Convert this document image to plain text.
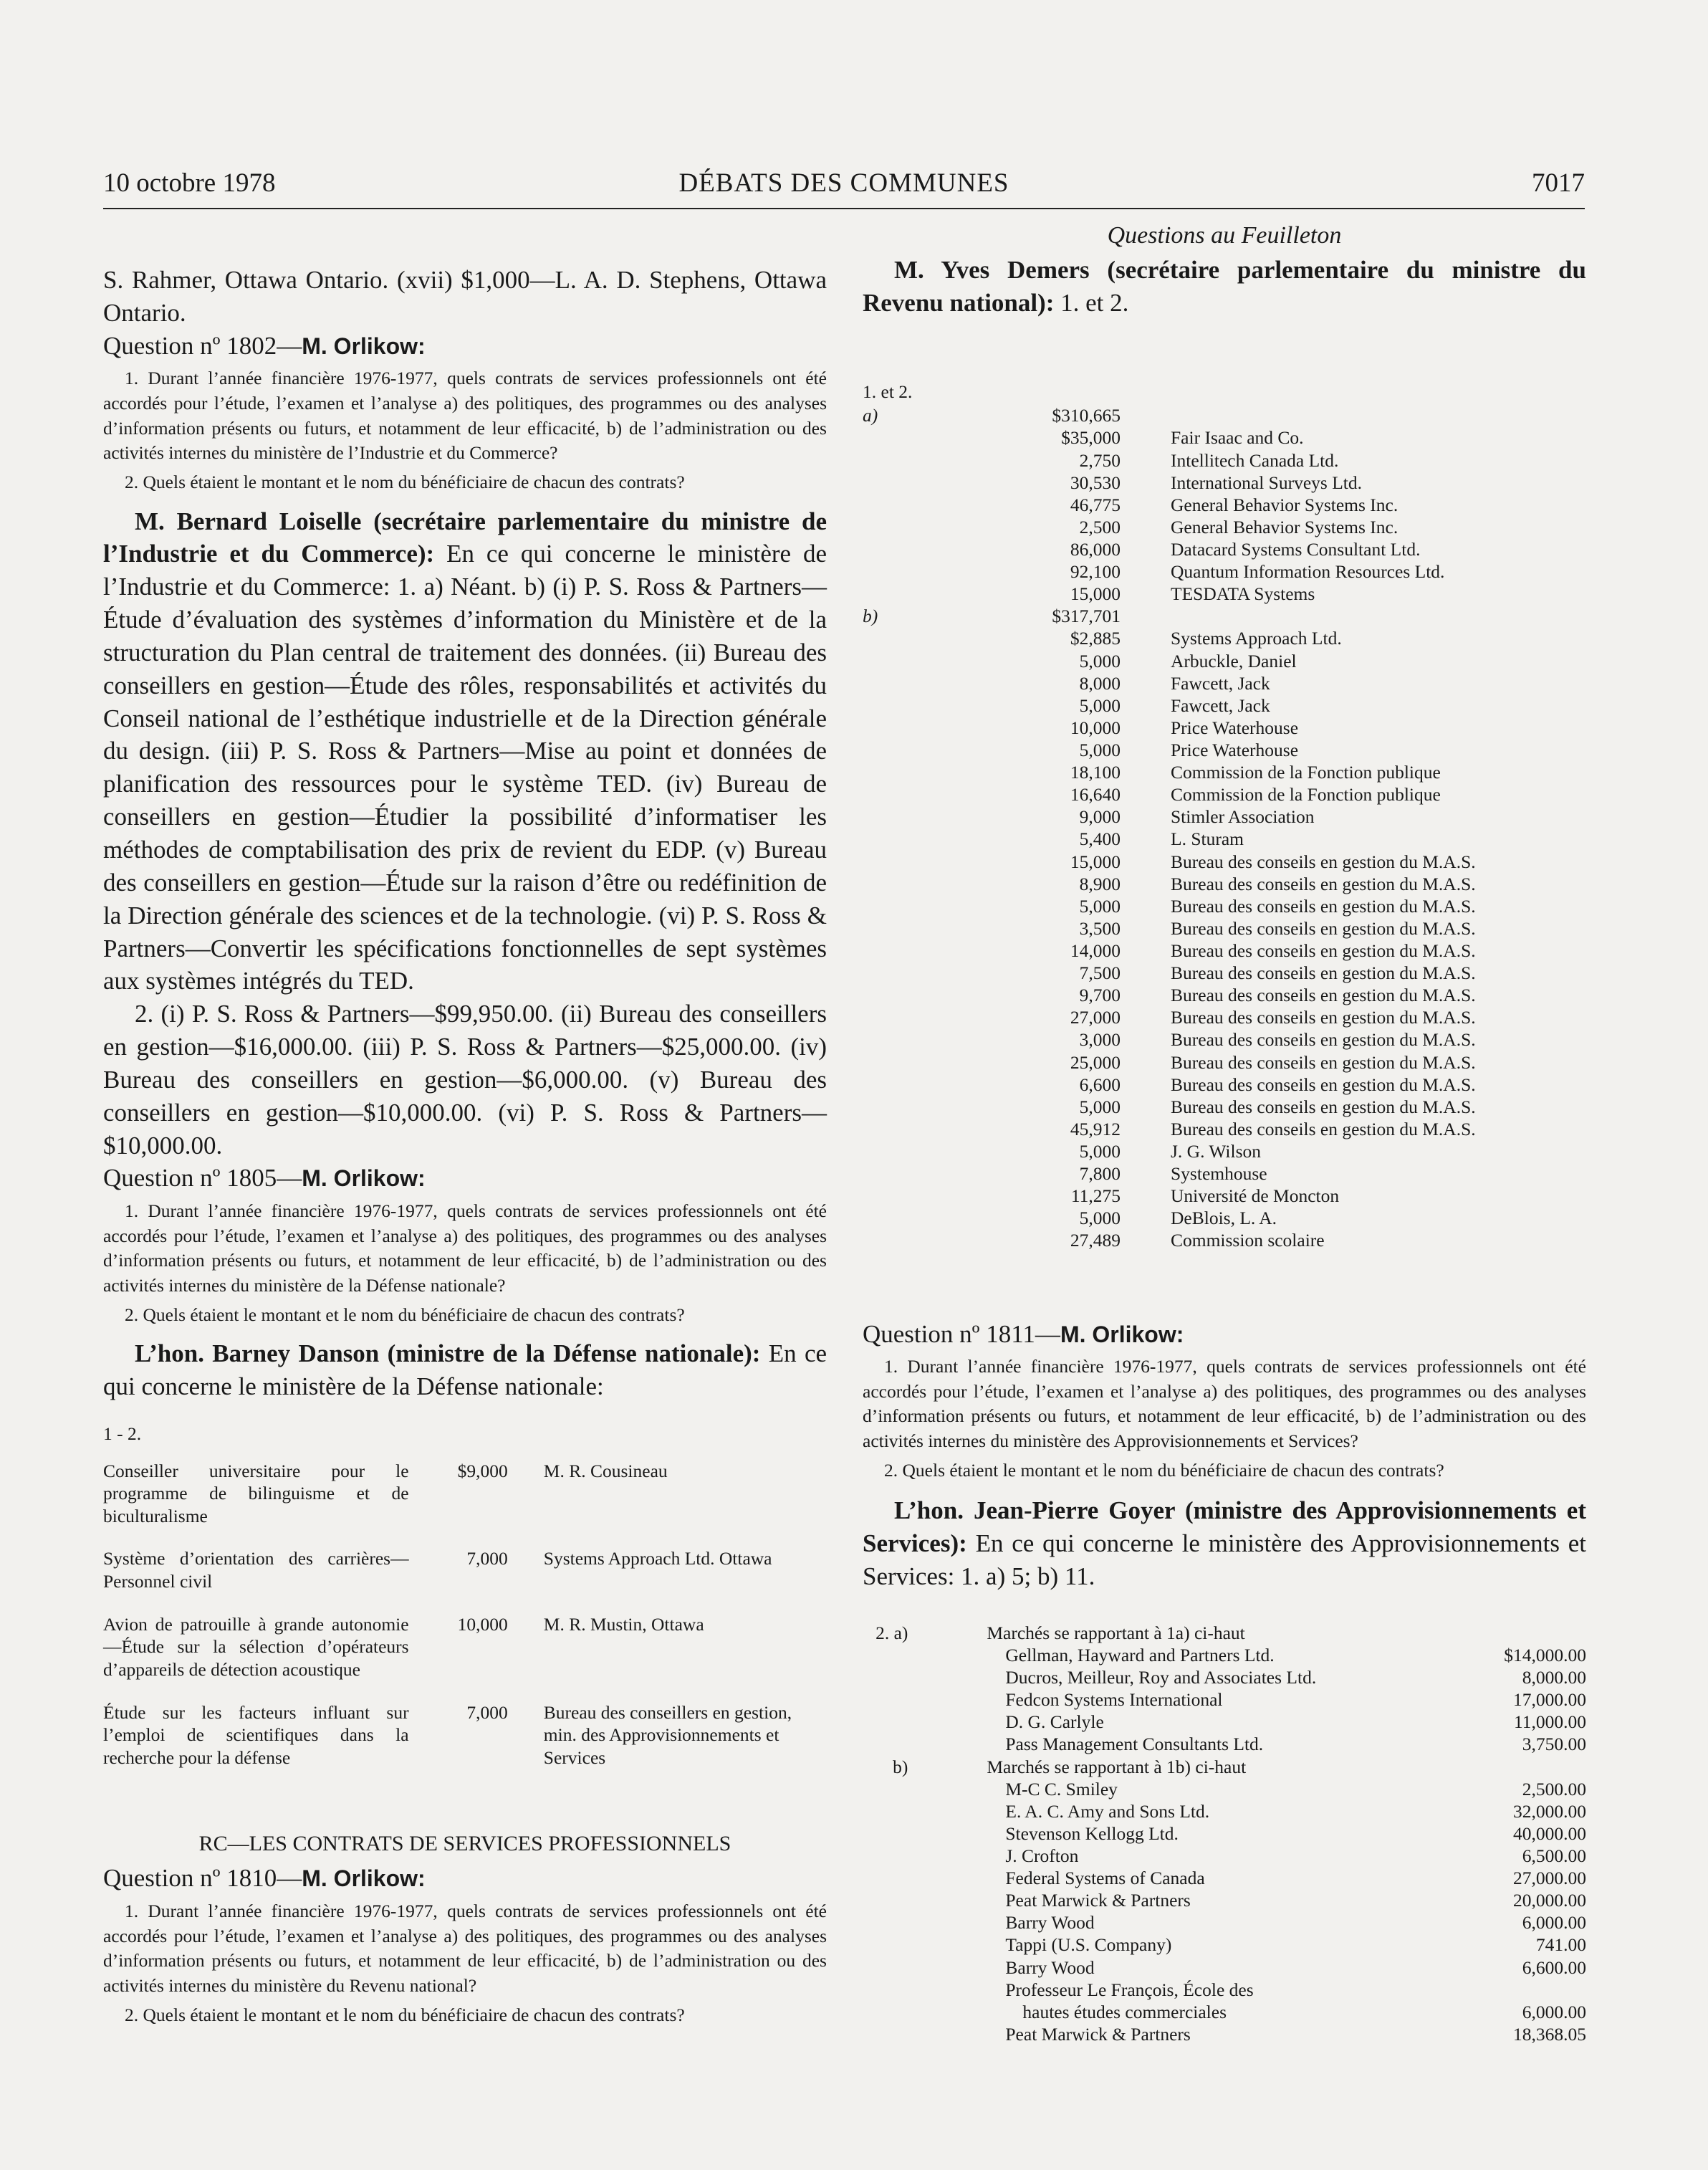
10 octobre 1978	DÉBATS DES COMMUNES	7017

S. Rahmer, Ottawa Ontario. (xvii) $1,000—L. A. D. Stephens, Ottawa Ontario.

Question nº 1802—M. Orlikow:

1. Durant l’année financière 1976-1977, quels contrats de services professionnels ont été accordés pour l’étude, l’examen et l’analyse a) des politiques, des programmes ou des analyses d’information présents ou futurs, et notamment de leur efficacité, b) de l’administration ou des activités internes du ministère de l’Industrie et du Commerce?

2. Quels étaient le montant et le nom du bénéficiaire de chacun des contrats?

M. Bernard Loiselle (secrétaire parlementaire du ministre de l’Industrie et du Commerce): En ce qui concerne le ministère de l’Industrie et du Commerce: 1. a) Néant. b) (i) P. S. Ross & Partners—Étude d’évaluation des systèmes d’information du Ministère et de la structuration du Plan central de traitement des données. (ii) Bureau des conseillers en gestion—Étude des rôles, responsabilités et activités du Conseil national de l’esthétique industrielle et de la Direction générale du design. (iii) P. S. Ross & Partners—Mise au point et données de planification des ressources pour le système TED. (iv) Bureau de conseillers en gestion—Étudier la possibilité d’informatiser les méthodes de comptabilisation des prix de revient du EDP. (v) Bureau des conseillers en gestion—Étude sur la raison d’être ou redéfinition de la Direction générale des sciences et de la technologie. (vi) P. S. Ross & Partners—Convertir les spécifications fonctionnelles de sept systèmes aux systèmes intégrés du TED.

2. (i) P. S. Ross & Partners—$99,950.00. (ii) Bureau des conseillers en gestion—$16,000.00. (iii) P. S. Ross & Partners—$25,000.00. (iv) Bureau des conseillers en gestion—$6,000.00. (v) Bureau des conseillers en gestion—$10,000.00. (vi) P. S. Ross & Partners—$10,000.00.

Question nº 1805—M. Orlikow:

1. Durant l’année financière 1976-1977, quels contrats de services professionnels ont été accordés pour l’étude, l’examen et l’analyse a) des politiques, des programmes ou des analyses d’information présents ou futurs, et notamment de leur efficacité, b) de l’administration ou des activités internes du ministère de la Défense nationale?

2. Quels étaient le montant et le nom du bénéficiaire de chacun des contrats?

L’hon. Barney Danson (ministre de la Défense nationale): En ce qui concerne le ministère de la Défense nationale:

1 - 2.

Conseiller universitaire pour le programme de bilinguisme et de biculturalisme	$9,000	M. R. Cousineau
Système d’orientation des carrières—Personnel civil	7,000	Systems Approach Ltd. Ottawa
Avion de patrouille à grande autonomie—Étude sur la sélection d’opérateurs d’appareils de détection acoustique	10,000	M. R. Mustin, Ottawa
Étude sur les facteurs influant sur l’emploi de scientifiques dans la recherche pour la défense	7,000	Bureau des conseillers en gestion, min. des Approvisionnements et Services

RC—LES CONTRATS DE SERVICES PROFESSIONNELS

Question nº 1810—M. Orlikow:

1. Durant l’année financière 1976-1977, quels contrats de services professionnels ont été accordés pour l’étude, l’examen et l’analyse a) des politiques, des programmes ou des analyses d’information présents ou futurs, et notamment de leur efficacité, b) de l’administration ou des activités internes du ministère du Revenu national?

2. Quels étaient le montant et le nom du bénéficiaire de chacun des contrats?

Questions au Feuilleton

M. Yves Demers (secrétaire parlementaire du ministre du Revenu national): 1. et 2.

1. et 2.

a)	$310,665	
	$35,000	Fair Isaac and Co.
	2,750	Intellitech Canada Ltd.
	30,530	International Surveys Ltd.
	46,775	General Behavior Systems Inc.
	2,500	General Behavior Systems Inc.
	86,000	Datacard Systems Consultant Ltd.
	92,100	Quantum Information Resources Ltd.
	15,000	TESDATA Systems
b)	$317,701	
	$2,885	Systems Approach Ltd.
	5,000	Arbuckle, Daniel
	8,000	Fawcett, Jack
	5,000	Fawcett, Jack
	10,000	Price Waterhouse
	5,000	Price Waterhouse
	18,100	Commission de la Fonction publique
	16,640	Commission de la Fonction publique
	9,000	Stimler Association
	5,400	L. Sturam
	15,000	Bureau des conseils en gestion du M.A.S.
	8,900	Bureau des conseils en gestion du M.A.S.
	5,000	Bureau des conseils en gestion du M.A.S.
	3,500	Bureau des conseils en gestion du M.A.S.
	14,000	Bureau des conseils en gestion du M.A.S.
	7,500	Bureau des conseils en gestion du M.A.S.
	9,700	Bureau des conseils en gestion du M.A.S.
	27,000	Bureau des conseils en gestion du M.A.S.
	3,000	Bureau des conseils en gestion du M.A.S.
	25,000	Bureau des conseils en gestion du M.A.S.
	6,600	Bureau des conseils en gestion du M.A.S.
	5,000	Bureau des conseils en gestion du M.A.S.
	45,912	Bureau des conseils en gestion du M.A.S.
	5,000	J. G. Wilson
	7,800	Systemhouse
	11,275	Université de Moncton
	5,000	DeBlois, L. A.
	27,489	Commission scolaire

Question nº 1811—M. Orlikow:

1. Durant l’année financière 1976-1977, quels contrats de services professionnels ont été accordés pour l’étude, l’examen et l’analyse a) des politiques, des programmes ou des analyses d’information présents ou futurs, et notamment de leur efficacité, b) de l’administration ou des activités internes du ministère des Approvisionnements et Services?

2. Quels étaient le montant et le nom du bénéficiaire de chacun des contrats?

L’hon. Jean-Pierre Goyer (ministre des Approvisionnements et Services): En ce qui concerne le ministère des Approvisionnements et Services: 1. a) 5; b) 11.

2. a)	Marchés se rapportant à 1a) ci-haut	
	Gellman, Hayward and Partners Ltd.	$14,000.00
	Ducros, Meilleur, Roy and Associates Ltd.	8,000.00
	Fedcon Systems International	17,000.00
	D. G. Carlyle	11,000.00
	Pass Management Consultants Ltd.	3,750.00
b)	Marchés se rapportant à 1b) ci-haut	
	M-C C. Smiley	2,500.00
	E. A. C. Amy and Sons Ltd.	32,000.00
	Stevenson Kellogg Ltd.	40,000.00
	J. Crofton	6,500.00
	Federal Systems of Canada	27,000.00
	Peat Marwick & Partners	20,000.00
	Barry Wood	6,000.00
	Tappi (U.S. Company)	741.00
	Barry Wood	6,600.00
	Professeur Le François, École des	
	hautes études commerciales	6,000.00
	Peat Marwick & Partners	18,368.05
